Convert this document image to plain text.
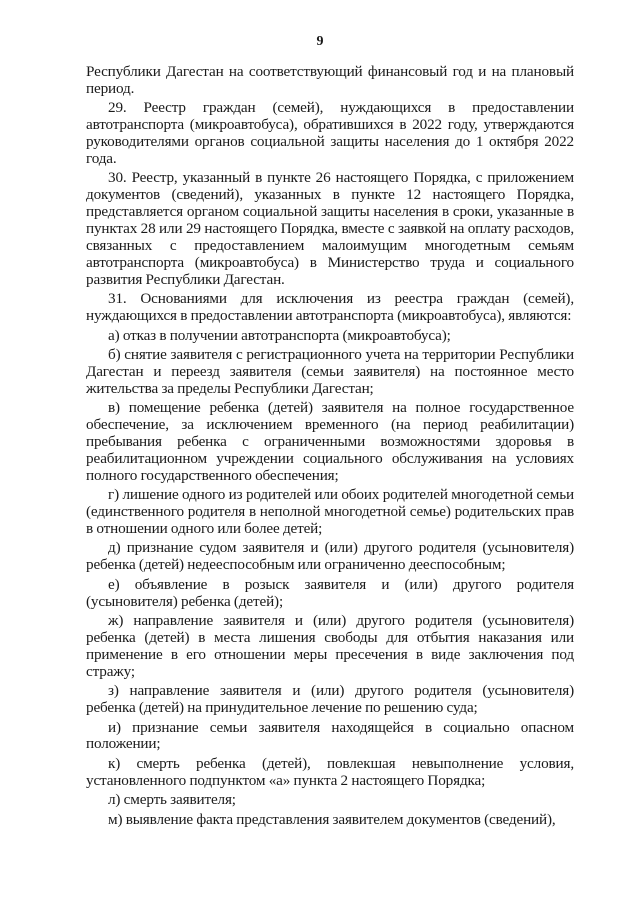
9

Республики Дагестан на соответствующий финансовый год и на плановый период.

29. Реестр граждан (семей), нуждающихся в предоставлении автотранспорта (микроавтобуса), обратившихся в 2022 году, утверждаются руководителями органов социальной защиты населения до 1 октября 2022 года.

30. Реестр, указанный в пункте 26 настоящего Порядка, с приложением документов (сведений), указанных в пункте 12 настоящего Порядка, представляется органом социальной защиты населения в сроки, указанные в пунктах 28 или 29 настоящего Порядка, вместе с заявкой на оплату расходов, связанных с предоставлением малоимущим многодетным семьям автотранспорта (микроавтобуса) в Министерство труда и социального развития Республики Дагестан.

31. Основаниями для исключения из реестра граждан (семей), нуждающихся в предоставлении автотранспорта (микроавтобуса), являются:

а) отказ в получении автотранспорта (микроавтобуса);

б) снятие заявителя с регистрационного учета на территории Республики Дагестан и переезд заявителя (семьи заявителя) на постоянное место жительства за пределы Республики Дагестан;

в) помещение ребенка (детей) заявителя на полное государственное обеспечение, за исключением временного (на период реабилитации) пребывания ребенка с ограниченными возможностями здоровья в реабилитационном учреждении социального обслуживания на условиях полного государственного обеспечения;

г) лишение одного из родителей или обоих родителей многодетной семьи (единственного родителя в неполной многодетной семье) родительских прав в отношении одного или более детей;

д) признание судом заявителя и (или) другого родителя (усыновителя) ребенка (детей) недееспособным или ограниченно дееспособным;

е) объявление в розыск заявителя и (или) другого родителя (усыновителя) ребенка (детей);

ж) направление заявителя и (или) другого родителя (усыновителя) ребенка (детей) в места лишения свободы для отбытия наказания или применение в его отношении меры пресечения в виде заключения под стражу;

з) направление заявителя и (или) другого родителя (усыновителя) ребенка (детей) на принудительное лечение по решению суда;

и) признание семьи заявителя находящейся в социально опасном положении;

к) смерть ребенка (детей), повлекшая невыполнение условия, установленного подпунктом «а» пункта 2 настоящего Порядка;

л) смерть заявителя;

м) выявление факта представления заявителем документов (сведений),
